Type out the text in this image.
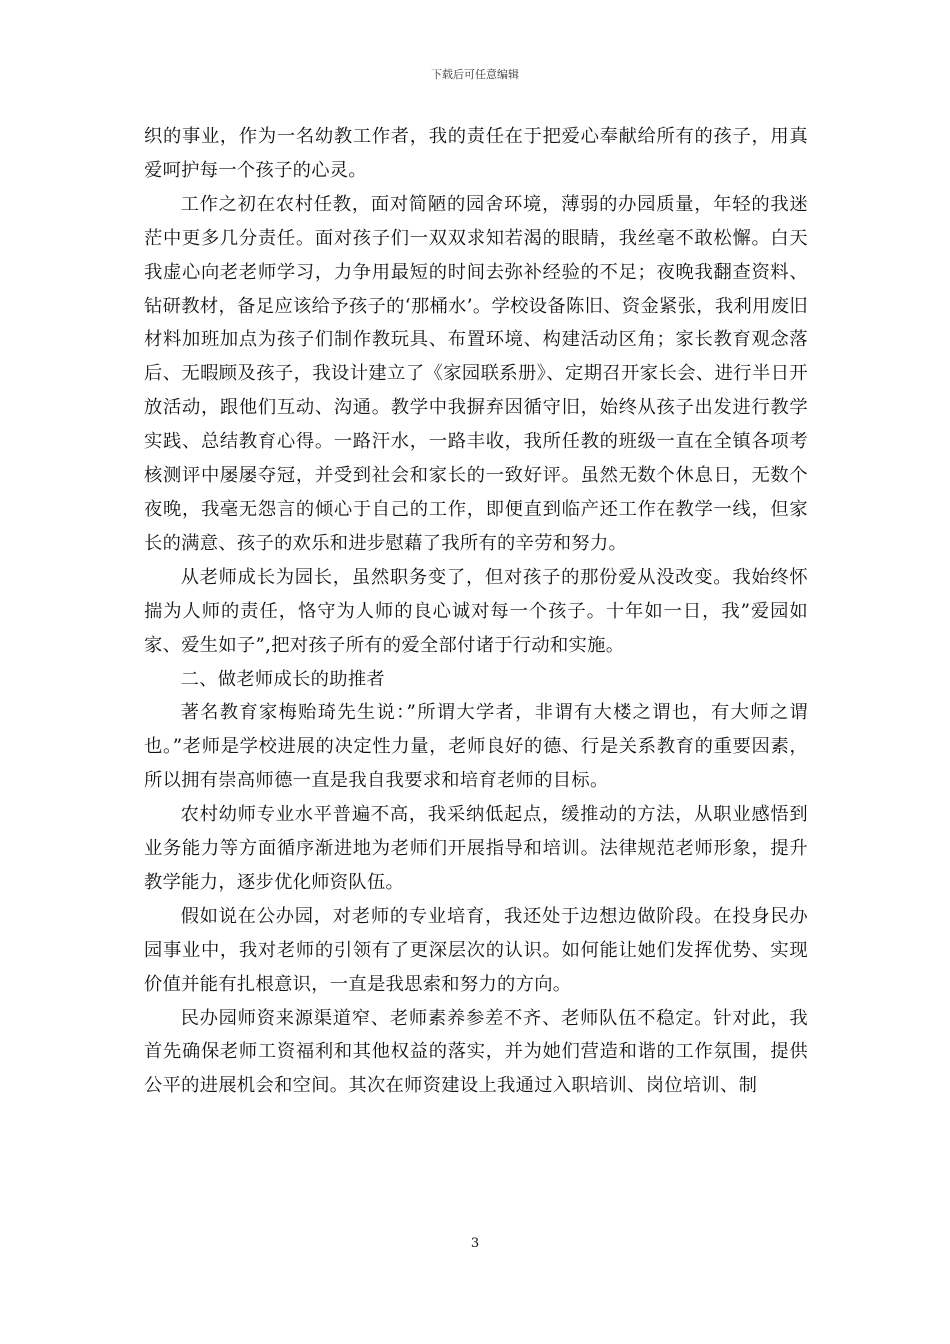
下载后可任意编辑

织的事业，作为一名幼教工作者，我的责任在于把爱心奉献给所有的孩子，用真爱呵护每一个孩子的心灵。

工作之初在农村任教，面对简陋的园舍环境，薄弱的办园质量，年轻的我迷茫中更多几分责任。面对孩子们一双双求知若渴的眼睛，我丝毫不敢松懈。白天我虚心向老老师学习，力争用最短的时间去弥补经验的不足；夜晚我翻查资料、钻研教材，备足应该给予孩子的‘那桶水’。学校设备陈旧、资金紧张，我利用废旧材料加班加点为孩子们制作教玩具、布置环境、构建活动区角；家长教育观念落后、无暇顾及孩子，我设计建立了《家园联系册》、定期召开家长会、进行半日开放活动，跟他们互动、沟通。教学中我摒弃因循守旧，始终从孩子出发进行教学实践、总结教育心得。一路汗水，一路丰收，我所任教的班级一直在全镇各项考核测评中屡屡夺冠，并受到社会和家长的一致好评。虽然无数个休息日，无数个夜晚，我毫无怨言的倾心于自己的工作，即便直到临产还工作在教学一线，但家长的满意、孩子的欢乐和进步慰藉了我所有的辛劳和努力。

从老师成长为园长，虽然职务变了，但对孩子的那份爱从没改变。我始终怀揣为人师的责任，恪守为人师的良心诚对每一个孩子。十年如一日，我”爱园如家、爱生如子”,把对孩子所有的爱全部付诸于行动和实施。

二、做老师成长的助推者

著名教育家梅贻琦先生说：”所谓大学者，非谓有大楼之谓也，有大师之谓也。”老师是学校进展的决定性力量，老师良好的德、行是关系教育的重要因素，所以拥有崇高师德一直是我自我要求和培育老师的目标。

农村幼师专业水平普遍不高，我采纳低起点，缓推动的方法，从职业感悟到业务能力等方面循序渐进地为老师们开展指导和培训。法律规范老师形象，提升教学能力，逐步优化师资队伍。

假如说在公办园，对老师的专业培育，我还处于边想边做阶段。在投身民办园事业中，我对老师的引领有了更深层次的认识。如何能让她们发挥优势、实现价值并能有扎根意识，一直是我思索和努力的方向。

民办园师资来源渠道窄、老师素养参差不齐、老师队伍不稳定。针对此，我首先确保老师工资福利和其他权益的落实，并为她们营造和谐的工作氛围，提供公平的进展机会和空间。其次在师资建设上我通过入职培训、岗位培训、制

3
